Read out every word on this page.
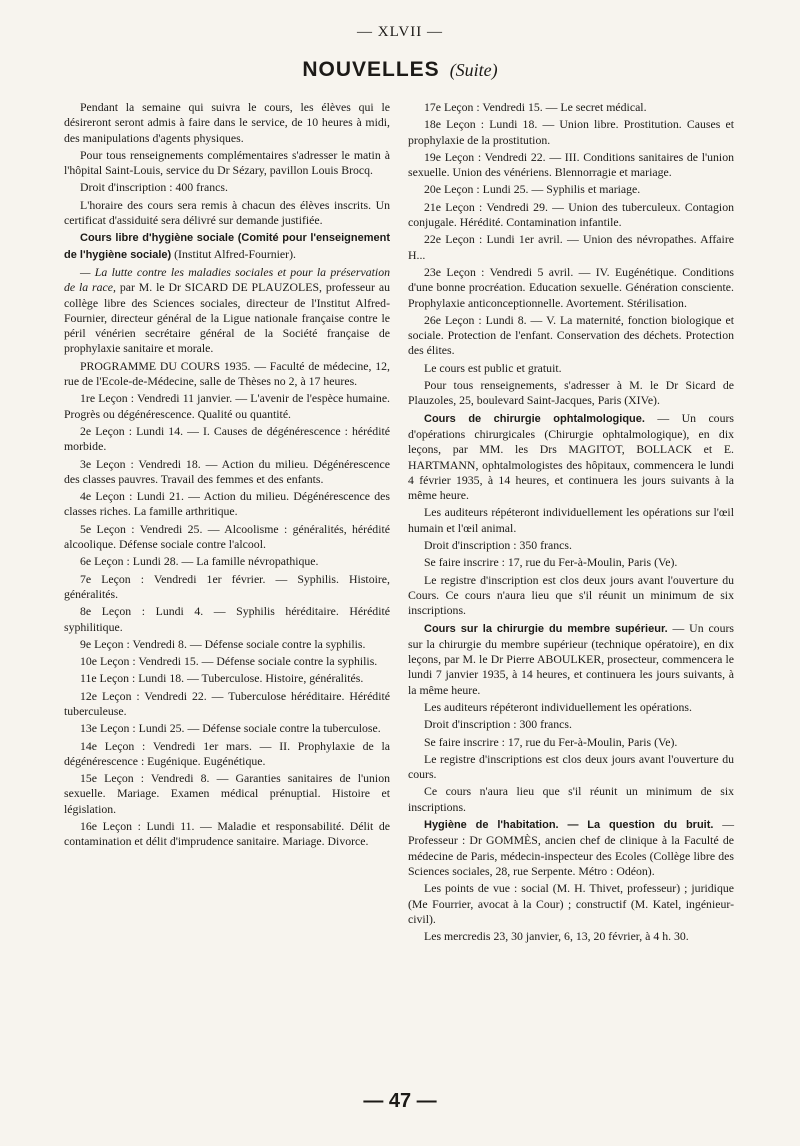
— XLVII —
NOUVELLES (Suite)

Pendant la semaine qui suivra le cours, les élèves qui le désireront seront admis à faire dans le service, de 10 heures à midi, des manipulations d'agents physiques.

Pour tous renseignements complémentaires s'adresser le matin à l'hôpital Saint-Louis, service du Dr Sézary, pavillon Louis Brocq.

Droit d'inscription : 400 francs.

L'horaire des cours sera remis à chacun des élèves inscrits. Un certificat d'assiduité sera délivré sur demande justifiée.

Cours libre d'hygiène sociale (Comité pour l'enseignement de l'hygiène sociale) (Institut Alfred-Fournier).

— La lutte contre les maladies sociales et pour la préservation de la race, par M. le Dr SICARD DE PLAUZOLES, professeur au collège libre des Sciences sociales, directeur de l'Institut Alfred-Fournier, directeur général de la Ligue nationale française contre le péril vénérien secrétaire général de la Société française de prophylaxie sanitaire et morale.

PROGRAMME DU COURS 1935. — Faculté de médecine, 12, rue de l'Ecole-de-Médecine, salle de Thèses no 2, à 17 heures.

1re Leçon : Vendredi 11 janvier. — L'avenir de l'espèce humaine. Progrès ou dégénérescence. Qualité ou quantité.

2e Leçon : Lundi 14. — I. Causes de dégénérescence : hérédité morbide.

3e Leçon : Vendredi 18. — Action du milieu. Dégénérescence des classes pauvres. Travail des femmes et des enfants.

4e Leçon : Lundi 21. — Action du milieu. Dégénérescence des classes riches. La famille arthritique.

5e Leçon : Vendredi 25. — Alcoolisme : généralités, hérédité alcoolique. Défense sociale contre l'alcool.

6e Leçon : Lundi 28. — La famille névropathique.

7e Leçon : Vendredi 1er février. — Syphilis. Histoire, généralités.

8e Leçon : Lundi 4. — Syphilis héréditaire. Hérédité syphilitique.

9e Leçon : Vendredi 8. — Défense sociale contre la syphilis.

10e Leçon : Vendredi 15. — Défense sociale contre la syphilis.

11e Leçon : Lundi 18. — Tuberculose. Histoire, généralités.

12e Leçon : Vendredi 22. — Tuberculose héréditaire. Hérédité tuberculeuse.

13e Leçon : Lundi 25. — Défense sociale contre la tuberculose.

14e Leçon : Vendredi 1er mars. — II. Prophylaxie de la dégénérescence : Eugénique. Eugénétique.

15e Leçon : Vendredi 8. — Garanties sanitaires de l'union sexuelle. Mariage. Examen médical prénuptial. Histoire et législation.

16e Leçon : Lundi 11. — Maladie et responsabilité. Délit de contamination et délit d'imprudence sanitaire. Mariage. Divorce.

17e Leçon : Vendredi 15. — Le secret médical.

18e Leçon : Lundi 18. — Union libre. Prostitution. Causes et prophylaxie de la prostitution.

19e Leçon : Vendredi 22. — III. Conditions sanitaires de l'union sexuelle. Union des vénériens. Blennorragie et mariage.

20e Leçon : Lundi 25. — Syphilis et mariage.

21e Leçon : Vendredi 29. — Union des tuberculeux. Contagion conjugale. Hérédité. Contamination infantile.

22e Leçon : Lundi 1er avril. — Union des névropathes. Affaire H...

23e Leçon : Vendredi 5 avril. — IV. Eugénétique. Conditions d'une bonne procréation. Education sexuelle. Génération consciente. Prophylaxie anticonceptionnelle. Avortement. Stérilisation.

26e Leçon : Lundi 8. — V. La maternité, fonction biologique et sociale. Protection de l'enfant. Conservation des déchets. Protection des élites.

Le cours est public et gratuit.

Pour tous renseignements, s'adresser à M. le Dr Sicard de Plauzoles, 25, boulevard Saint-Jacques, Paris (XIVe).

Cours de chirurgie ophtalmologique. — Un cours d'opérations chirurgicales (Chirurgie ophtalmologique), en dix leçons, par MM. les Drs MAGITOT, BOLLACK et E. HARTMANN, ophtalmologistes des hôpitaux, commencera le lundi 4 février 1935, à 14 heures, et continuera les jours suivants à la même heure.

Les auditeurs répéteront individuellement les opérations sur l'œil humain et l'œil animal.

Droit d'inscription : 350 francs.

Se faire inscrire : 17, rue du Fer-à-Moulin, Paris (Ve).

Le registre d'inscription est clos deux jours avant l'ouverture du Cours. Ce cours n'aura lieu que s'il réunit un minimum de six inscriptions.

Cours sur la chirurgie du membre supérieur. — Un cours sur la chirurgie du membre supérieur (technique opératoire), en dix leçons, par M. le Dr Pierre ABOULKER, prosecteur, commencera le lundi 7 janvier 1935, à 14 heures, et continuera les jours suivants, à la même heure.

Les auditeurs répéteront individuellement les opérations.

Droit d'inscription : 300 francs.

Se faire inscrire : 17, rue du Fer-à-Moulin, Paris (Ve).

Le registre d'inscriptions est clos deux jours avant l'ouverture du cours.

Ce cours n'aura lieu que s'il réunit un minimum de six inscriptions.

Hygiène de l'habitation. — La question du bruit. — Professeur : Dr GOMMÈS, ancien chef de clinique à la Faculté de médecine de Paris, médecin-inspecteur des Ecoles (Collège libre des Sciences sociales, 28, rue Serpente. Métro : Odéon).

Les points de vue : social (M. H. Thivet, professeur) ; juridique (Me Fourrier, avocat à la Cour) ; constructif (M. Katel, ingénieur-civil).

Les mercredis 23, 30 janvier, 6, 13, 20 février, à 4 h. 30.

— 47 —
